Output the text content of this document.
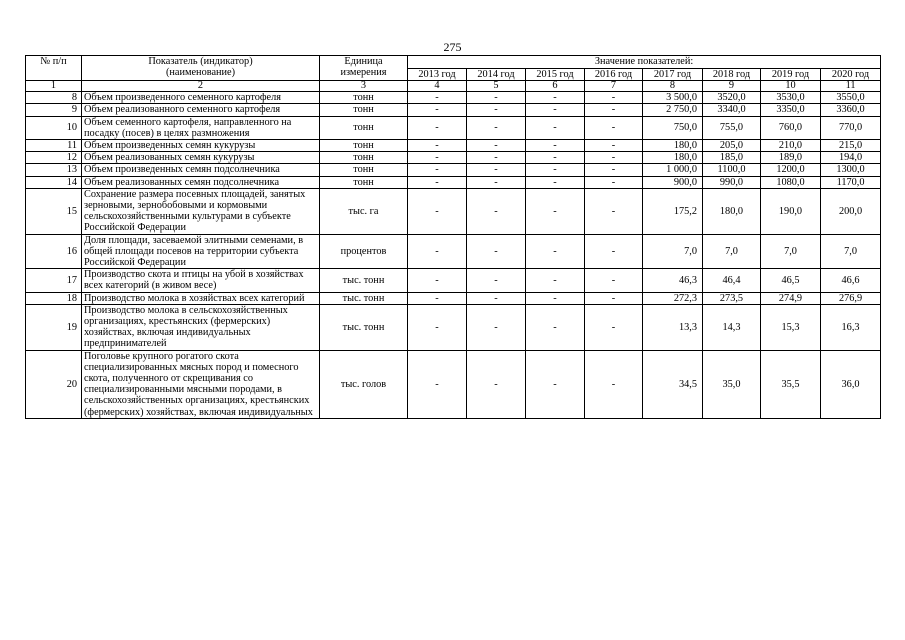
275
№ п/п	Показатель (индикатор) (наименование)	Единица измерения	Значение показателей:							
			2013 год	2014 год	2015 год	2016 год	2017 год	2018 год	2019 год	2020 год
1	2	3	4	5	6	7	8	9	10	11
8	Объем произведенного семенного картофеля	тонн	-	-	-	-	3 500,0	3520,0	3530,0	3550,0
9	Объем реализованного семенного картофеля	тонн	-	-	-	-	2 750,0	3340,0	3350,0	3360,0
10	Объем семенного картофеля, направленного на посадку (посев) в целях размножения	тонн	-	-	-	-	750,0	755,0	760,0	770,0
11	Объем произведенных семян кукурузы	тонн	-	-	-	-	180,0	205,0	210,0	215,0
12	Объем реализованных семян кукурузы	тонн	-	-	-	-	180,0	185,0	189,0	194,0
13	Объем произведенных семян подсолнечника	тонн	-	-	-	-	1 000,0	1100,0	1200,0	1300,0
14	Объем реализованных семян подсолнечника	тонн	-	-	-	-	900,0	990,0	1080,0	1170,0
15	Сохранение размера посевных площадей, занятых зерновыми, зернобобовыми и кормовыми сельскохозяйственными культурами в субъекте Российской Федерации	тыс. га	-	-	-	-	175,2	180,0	190,0	200,0
16	Доля площади, засеваемой элитными семенами, в общей площади посевов на территории субъекта Российской Федерации	процентов	-	-	-	-	7,0	7,0	7,0	7,0
17	Производство скота и птицы на убой в хозяйствах всех категорий (в живом весе)	тыс. тонн	-	-	-	-	46,3	46,4	46,5	46,6
18	Производство молока в хозяйствах всех категорий	тыс. тонн	-	-	-	-	272,3	273,5	274,9	276,9
19	Производство молока в сельскохозяйственных организациях, крестьянских (фермерских) хозяйствах, включая индивидуальных предпринимателей	тыс. тонн	-	-	-	-	13,3	14,3	15,3	16,3
20	Поголовье крупного рогатого скота специализированных мясных пород и помесного скота, полученного от скрещивания со специализированными мясными породами, в сельскохозяйственных организациях, крестьянских (фермерских) хозяйствах, включая индивидуальных	тыс. голов	-	-	-	-	34,5	35,0	35,5	36,0
